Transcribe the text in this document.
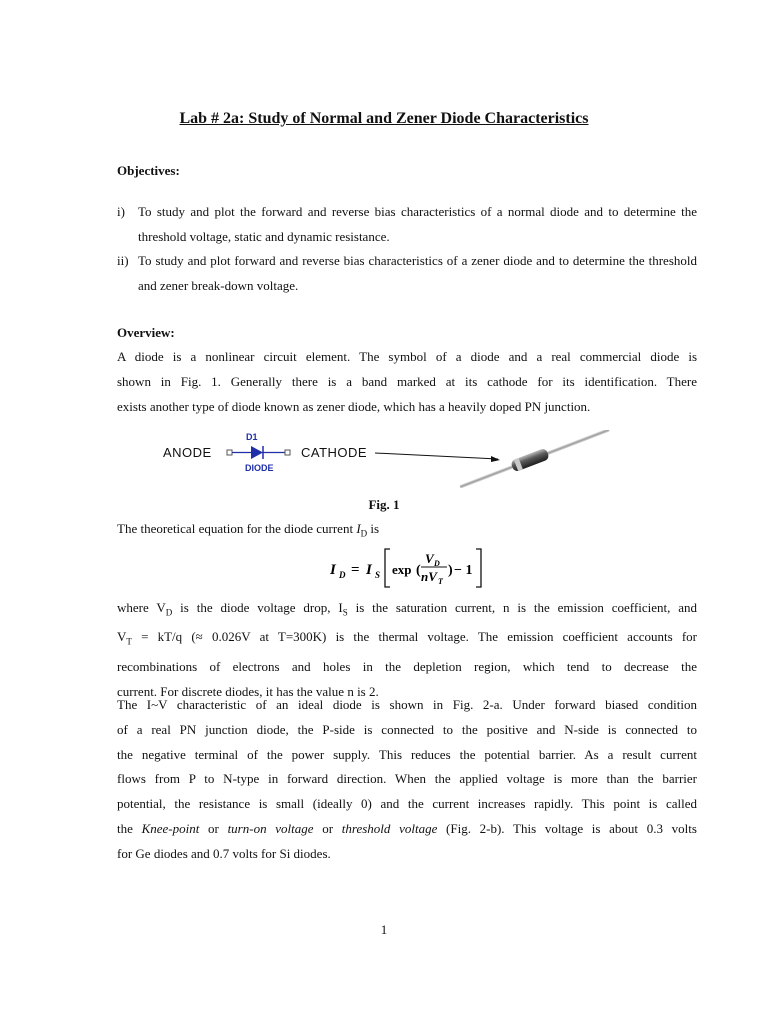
Lab # 2a: Study of Normal and Zener Diode Characteristics
Objectives:
i) To study and plot the forward and reverse bias characteristics of a normal diode and to determine the threshold voltage, static and dynamic resistance.
ii) To study and plot forward and reverse bias characteristics of a zener diode and to determine the threshold and zener break-down voltage.
Overview:
A diode is a nonlinear circuit element. The symbol of a diode and a real commercial diode is
shown in Fig. 1. Generally there is a band marked at its cathode for its identification. There
exists another type of diode known as zener diode, which has a heavily doped PN junction.
ANODE
D1
DIODE
CATHODE
Fig. 1
The theoretical equation for the diode current $I_D$ is
I D = I S exp (
V D
nV T
) − 1
where $V_D$ is the diode voltage drop, $I_S$ is the saturation current, n is the emission coefficient, and
$V_T = kT/q$ (≈ 0.026V at T=300K) is the thermal voltage. The emission coefficient accounts for
recombinations of electrons and holes in the depletion region, which tend to decrease the
current. For discrete diodes, it has the value n is 2.
The I~V characteristic of an ideal diode is shown in Fig. 2-a. Under forward biased condition
of a real PN junction diode, the P-side is connected to the positive and N-side is connected to
the negative terminal of the power supply. This reduces the potential barrier. As a result current
flows from P to N-type in forward direction. When the applied voltage is more than the barrier
potential, the resistance is small (ideally 0) and the current increases rapidly. This point is called
the Knee-point or turn-on voltage or threshold voltage (Fig. 2-b). This voltage is about 0.3 volts
for Ge diodes and 0.7 volts for Si diodes.
1
